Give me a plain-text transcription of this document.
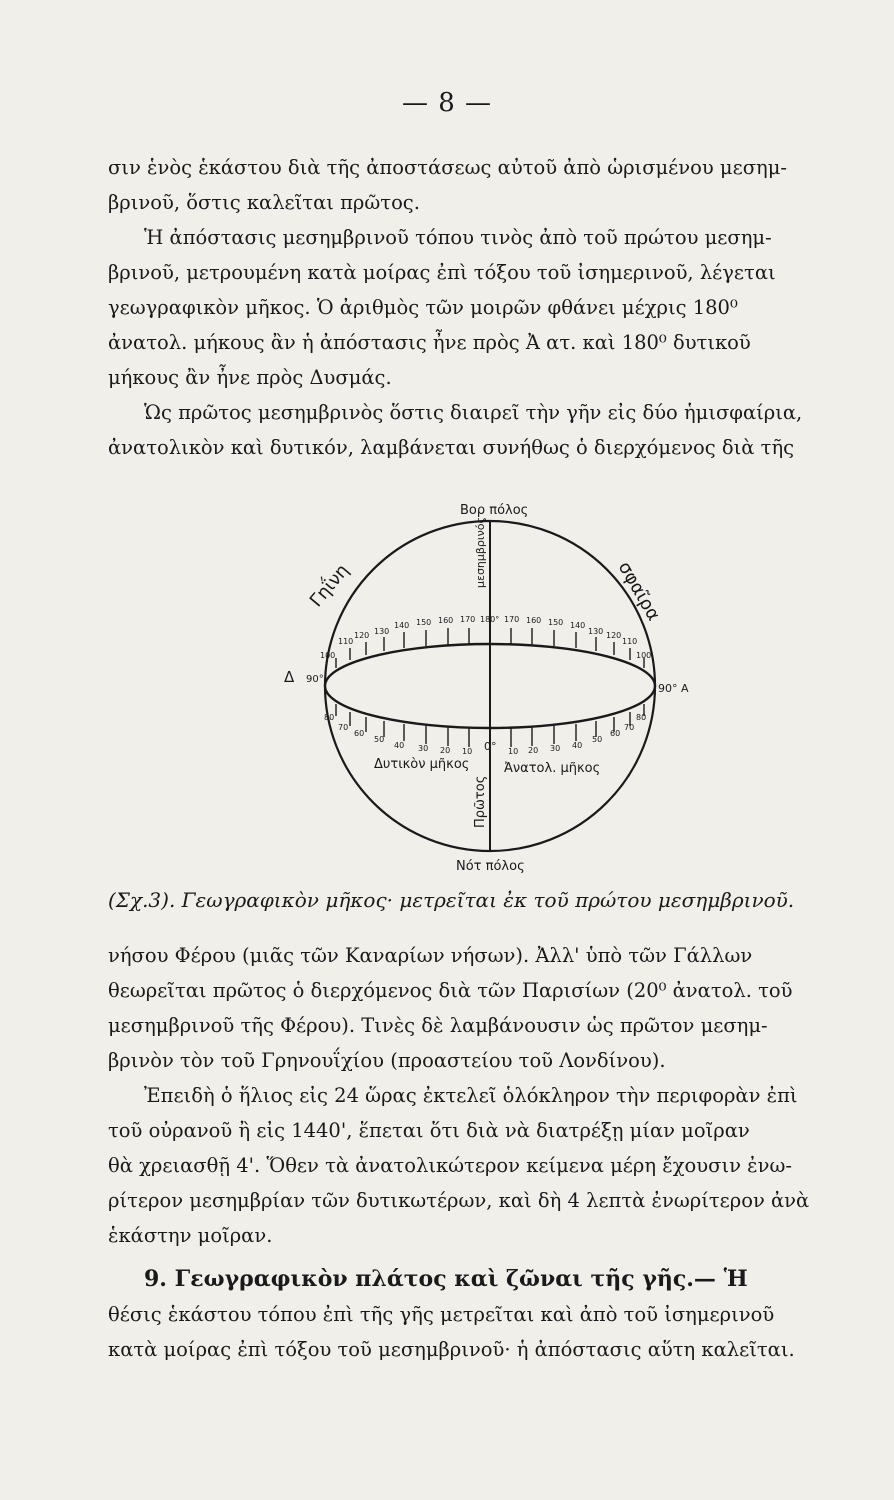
— 8 —
σιν ἑνὸς ἑκάστου διὰ τῆς ἀποστάσεως αὐτοῦ ἀπὸ ὡρισμένου μεσημ-
βρινοῦ, ὅστις καλεῖται πρῶτος.
Ἡ ἀπόστασις μεσημβρινοῦ τόπου τινὸς ἀπὸ τοῦ πρώτου μεσημ-
βρινοῦ, μετρουμένη κατὰ μοίρας ἐπὶ τόξου τοῦ ἰσημερινοῦ, λέγεται
γεωγραφικὸν μῆκος. Ὁ ἀριθμὸς τῶν μοιρῶν φθάνει μέχρις 180⁰
ἀνατολ. μήκους ἂν ἡ ἀπόστασις ἦνε πρὸς Ἀ ατ. καὶ 180⁰ δυτικοῦ
μήκους ἂν ἦνε πρὸς Δυσμάς.
Ὡς πρῶτος μεσημβρινὸς ὅστις διαιρεῖ τὴν γῆν εἰς δύο ἡμισφαίρια,
ἀνατολικὸν καὶ δυτικόν, λαμβάνεται συνήθως ὁ διερχόμενος διὰ τῆς
Βορ πόλος
Νότ πόλος
μεσημβρινός
Πρῶτος
Γηΐνη	σφαῖρα
Δ 90°
90° Α
0°
Δυτικὸν μῆκος	Ἀνατολ. μῆκος
100
110
120 130
140 150 160 170 180° 170 160 150 140
130 120
110
100
80
70
60
50
40 30 20 10	10 20 30 40
50
60
70
80
(Σχ.3). Γεωγραφικὸν μῆκος· μετρεῖται ἐκ τοῦ πρώτου μεσημβρινοῦ.
νήσου Φέρου (μιᾶς τῶν Καναρίων νήσων). Ἀλλ' ὑπὸ τῶν Γάλλων
θεωρεῖται πρῶτος ὁ διερχόμενος διὰ τῶν Παρισίων (20⁰ ἀνατολ. τοῦ
μεσημβρινοῦ τῆς Φέρου). Τινὲς δὲ λαμβάνουσιν ὡς πρῶτον μεσημ-
βρινὸν τὸν τοῦ Γρηνουΐχίου (προαστείου τοῦ Λονδίνου).
Ἐπειδὴ ὁ ἥλιος εἰς 24 ὥρας ἐκτελεῖ ὁλόκληρον τὴν περιφορὰν ἐπὶ
τοῦ οὐρανοῦ ἢ εἰς 1440', ἕπεται ὅτι διὰ νὰ διατρέξῃ μίαν μοῖραν
θὰ χρειασθῇ 4'. Ὅθεν τὰ ἀνατολικώτερον κείμενα μέρη ἔχουσιν ἐνω-
ρίτερον μεσημβρίαν τῶν δυτικωτέρων, καὶ δὴ 4 λεπτὰ ἐνωρίτερον ἀνὰ
ἑκάστην μοῖραν.
9. Γεωγραφικὸν πλάτος καὶ ζῶναι τῆς γῆς.— Ἡ
θέσις ἑκάστου τόπου ἐπὶ τῆς γῆς μετρεῖται καὶ ἀπὸ τοῦ ἰσημερινοῦ
κατὰ μοίρας ἐπὶ τόξου τοῦ μεσημβρινοῦ· ἡ ἀπόστασις αὕτη καλεῖται.
